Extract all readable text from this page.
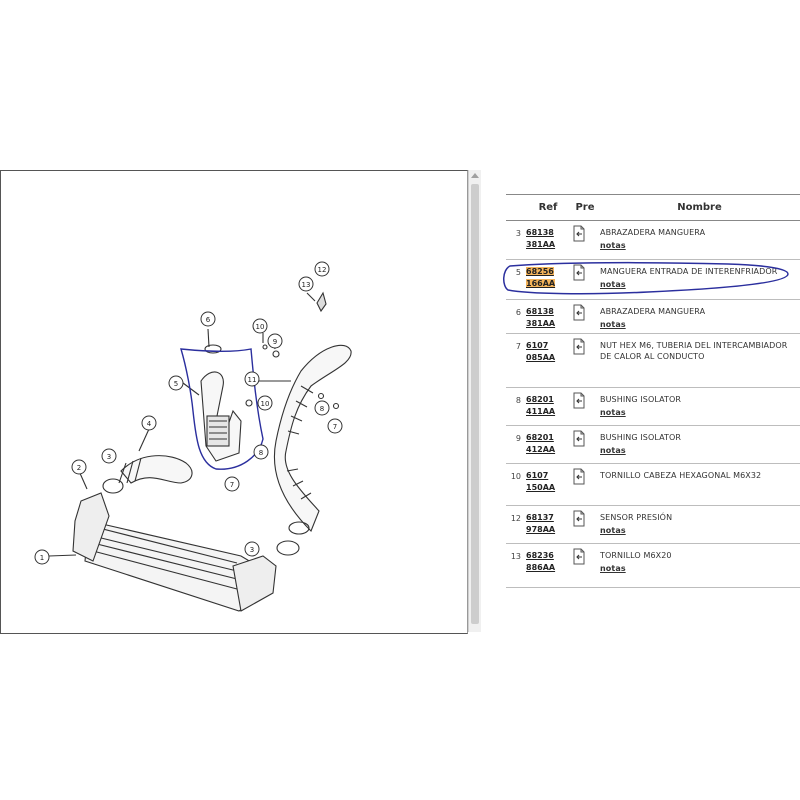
1
2
3
3
4
5
6
7
7
8
8
9
10
10
11
12
13
	Ref	Pre	Nombre
3	68138
381AA		ABRAZADERA MANGUERA
notas

5	68256
166AA		MANGUERA ENTRADA DE INTERENFRIADOR
notas

6	68138
381AA		ABRAZADERA MANGUERA
notas

7	6107
085AA		NUT HEX M6, TUBERIA DEL INTERCAMBIADOR DE CALOR AL CONDUCTO
8	68201
411AA		BUSHING ISOLATOR
notas

9	68201
412AA		BUSHING ISOLATOR
notas

10	6107
150AA		TORNILLO CABEZA HEXAGONAL M6X32
12	68137
978AA		SENSOR PRESIÓN
notas

13	68236
886AA		TORNILLO M6X20
notas
